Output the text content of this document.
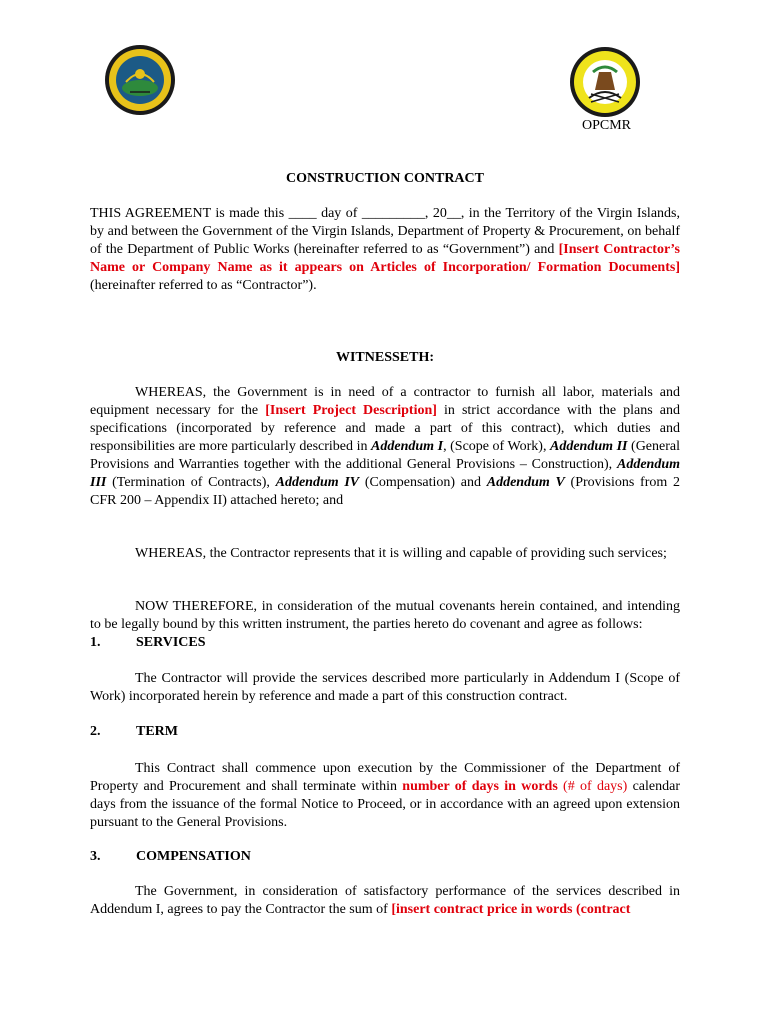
OPCMR
CONSTRUCTION CONTRACT
THIS AGREEMENT is made this ____ day of _________, 20__, in the Territory of the Virgin Islands, by and between the Government of the Virgin Islands, Department of Property & Procurement, on behalf of the Department of Public Works (hereinafter referred to as “Government”) and [Insert Contractor’s Name or Company Name as it appears on Articles of Incorporation/ Formation Documents] (hereinafter referred to as “Contractor”).
WITNESSETH:
WHEREAS, the Government is in need of a contractor to furnish all labor, materials and equipment necessary for the [Insert Project Description] in strict accordance with the plans and specifications (incorporated by reference and made a part of this contract), which duties and responsibilities are more particularly described in Addendum I, (Scope of Work), Addendum II (General Provisions and Warranties together with the additional General Provisions – Construction), Addendum III (Termination of Contracts), Addendum IV (Compensation) and Addendum V (Provisions from 2 CFR 200 – Appendix II) attached hereto; and
WHEREAS, the Contractor represents that it is willing and capable of providing such services;
NOW THEREFORE, in consideration of the mutual covenants herein contained, and intending to be legally bound by this written instrument, the parties hereto do covenant and agree as follows:
1.	SERVICES
The Contractor will provide the services described more particularly in Addendum I (Scope of Work) incorporated herein by reference and made a part of this construction contract.
2.	TERM
This Contract shall commence upon execution by the Commissioner of the Department of Property and Procurement and shall terminate within number of days in words (# of days) calendar days from the issuance of the formal Notice to Proceed, or in accordance with an agreed upon extension pursuant to the General Provisions.
3.	COMPENSATION
The Government, in consideration of satisfactory performance of the services described in Addendum I, agrees to pay the Contractor the sum of [insert contract price in words (contract
